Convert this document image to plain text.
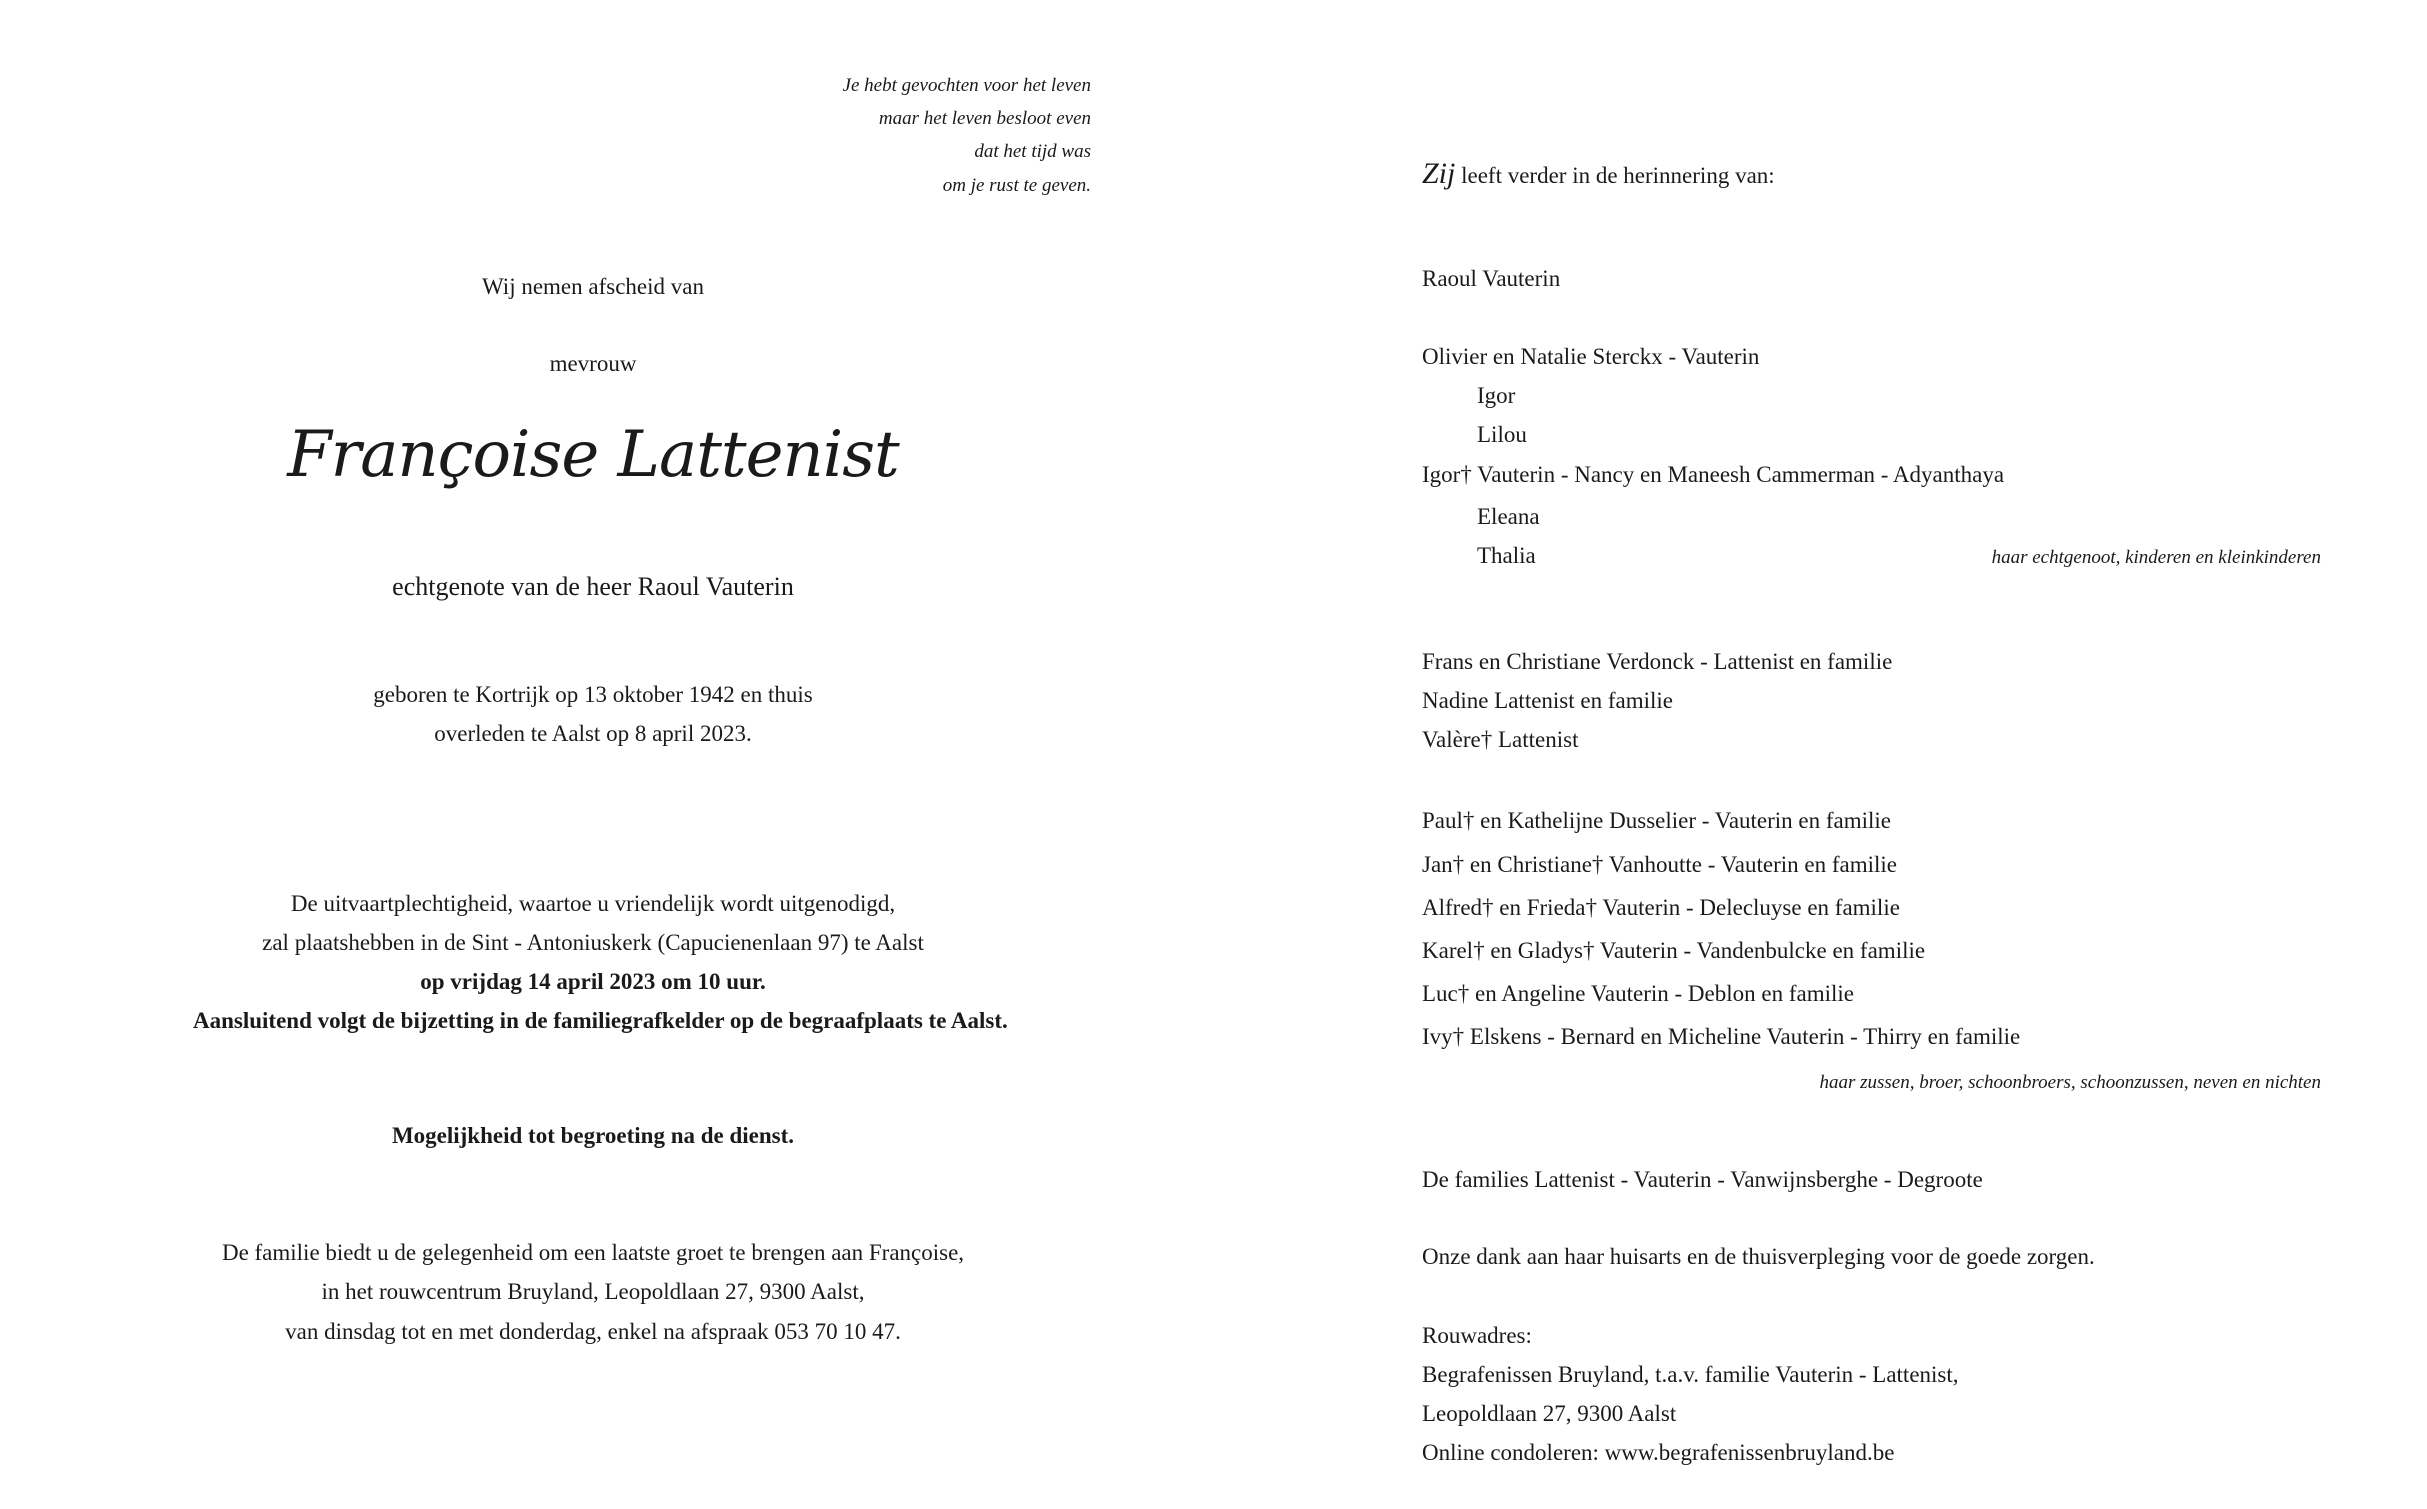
Je hebt gevochten voor het leven
maar het leven besloot even
dat het tijd was
om je rust te geven.
Wij nemen afscheid van
mevrouw
Françoise Lattenist
echtgenote van de heer Raoul Vauterin
geboren te Kortrijk op 13 oktober 1942 en thuis
overleden te Aalst op 8 april 2023.
De uitvaartplechtigheid, waartoe u vriendelijk wordt uitgenodigd,
zal plaatshebben in de Sint - Antoniuskerk (Capucienenlaan 97) te Aalst
op vrijdag 14 april 2023 om 10 uur.
Aansluitend volgt de bijzetting in de familiegrafkelder op de begraafplaats te Aalst.
Mogelijkheid tot begroeting na de dienst.
De familie biedt u de gelegenheid om een laatste groet te brengen aan Françoise,
in het rouwcentrum Bruyland, Leopoldlaan 27, 9300 Aalst,
van dinsdag tot en met donderdag, enkel na afspraak 053 70 10 47.
Zij leeft verder in de herinnering van:
Raoul Vauterin
Olivier en Natalie Sterckx - Vauterin
Igor
Lilou
Igor† Vauterin - Nancy en Maneesh Cammerman - Adyanthaya
Eleana
Thalia	haar echtgenoot, kinderen en kleinkinderen
Frans en Christiane Verdonck - Lattenist en familie
Nadine Lattenist en familie
Valère† Lattenist
Paul† en Kathelijne Dusselier - Vauterin en familie
Jan† en Christiane† Vanhoutte - Vauterin en familie
Alfred† en Frieda† Vauterin - Delecluyse en familie
Karel† en Gladys† Vauterin - Vandenbulcke en familie
Luc† en Angeline Vauterin - Deblon en familie
Ivy† Elskens - Bernard en Micheline Vauterin - Thirry en familie
haar zussen, broer, schoonbroers, schoonzussen, neven en nichten
De families Lattenist - Vauterin - Vanwijnsberghe - Degroote
Onze dank aan haar huisarts en de thuisverpleging voor de goede zorgen.
Rouwadres:
Begrafenissen Bruyland, t.a.v. familie Vauterin - Lattenist,
Leopoldlaan 27, 9300 Aalst
Online condoleren: www.begrafenissenbruyland.be
